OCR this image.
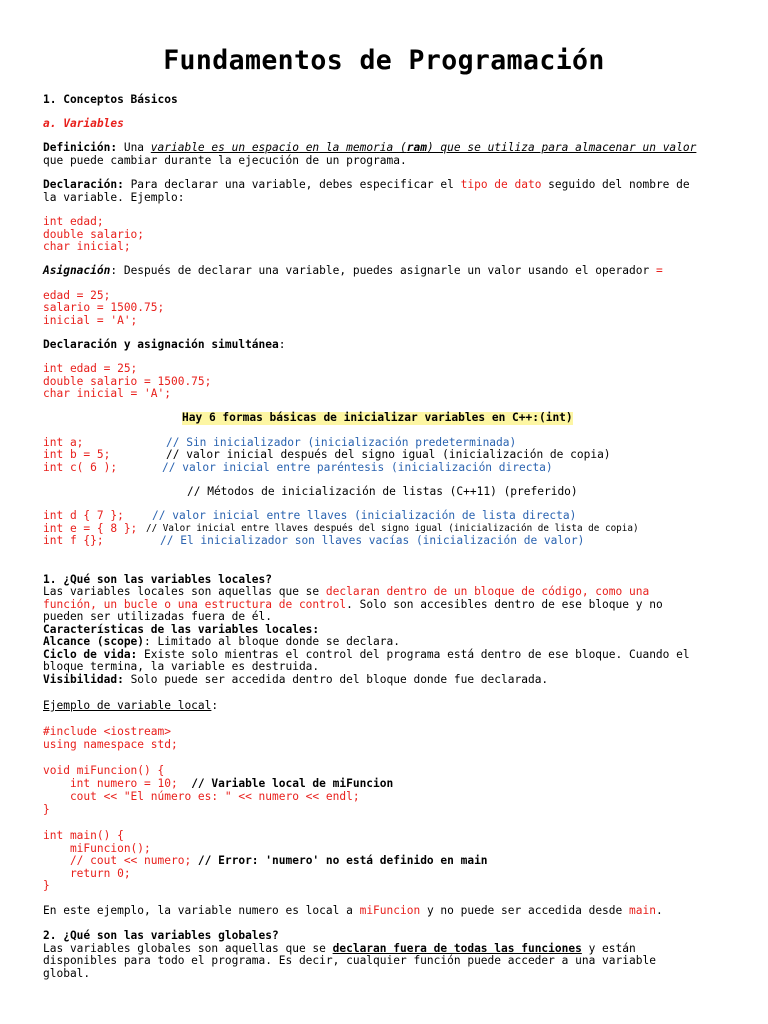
Fundamentos de Programación
1. Conceptos Básicos
a. Variables
Definición: Una variable es un espacio en la memoria (ram) que se utiliza para almacenar un valor
que puede cambiar durante la ejecución de un programa.
Declaración: Para declarar una variable, debes especificar el tipo de dato seguido del nombre de
la variable. Ejemplo:
int edad;
double salario;
char inicial;
Asignación: Después de declarar una variable, puedes asignarle un valor usando el operador =
edad = 25;
salario = 1500.75;
inicial = 'A';
Declaración y asignación simultánea:
int edad = 25;
double salario = 1500.75;
char inicial = 'A';
Hay 6 formas básicas de inicializar variables en C++:(int)
int a;	// Sin inicializador (inicialización predeterminada)
int b = 5;	// valor inicial después del signo igual (inicialización de copia)
int c( 6 );	// valor inicial entre paréntesis (inicialización directa)
// Métodos de inicialización de listas (C++11) (preferido)
int d { 7 };	// valor inicial entre llaves (inicialización de lista directa)
int e = { 8 }; // Valor inicial entre llaves después del signo igual (inicialización de lista de copia)
int f {};	// El inicializador son llaves vacías (inicialización de valor)
1. ¿Qué son las variables locales?
Las variables locales son aquellas que se declaran dentro de un bloque de código, como una
función, un bucle o una estructura de control. Solo son accesibles dentro de ese bloque y no
pueden ser utilizadas fuera de él.
Características de las variables locales:
Alcance (scope): Limitado al bloque donde se declara.
Ciclo de vida: Existe solo mientras el control del programa está dentro de ese bloque. Cuando el
bloque termina, la variable es destruida.
Visibilidad: Solo puede ser accedida dentro del bloque donde fue declarada.
Ejemplo de variable local:
#include <iostream>
using namespace std;
void miFuncion() {
int numero = 10;  // Variable local de miFuncion
cout << "El número es: " << numero << endl;
}
int main() {
miFuncion();
// cout << numero; // Error: 'numero' no está definido en main
return 0;
}
En este ejemplo, la variable numero es local a miFuncion y no puede ser accedida desde main.
2. ¿Qué son las variables globales?
Las variables globales son aquellas que se declaran fuera de todas las funciones y están
disponibles para todo el programa. Es decir, cualquier función puede acceder a una variable
global.
